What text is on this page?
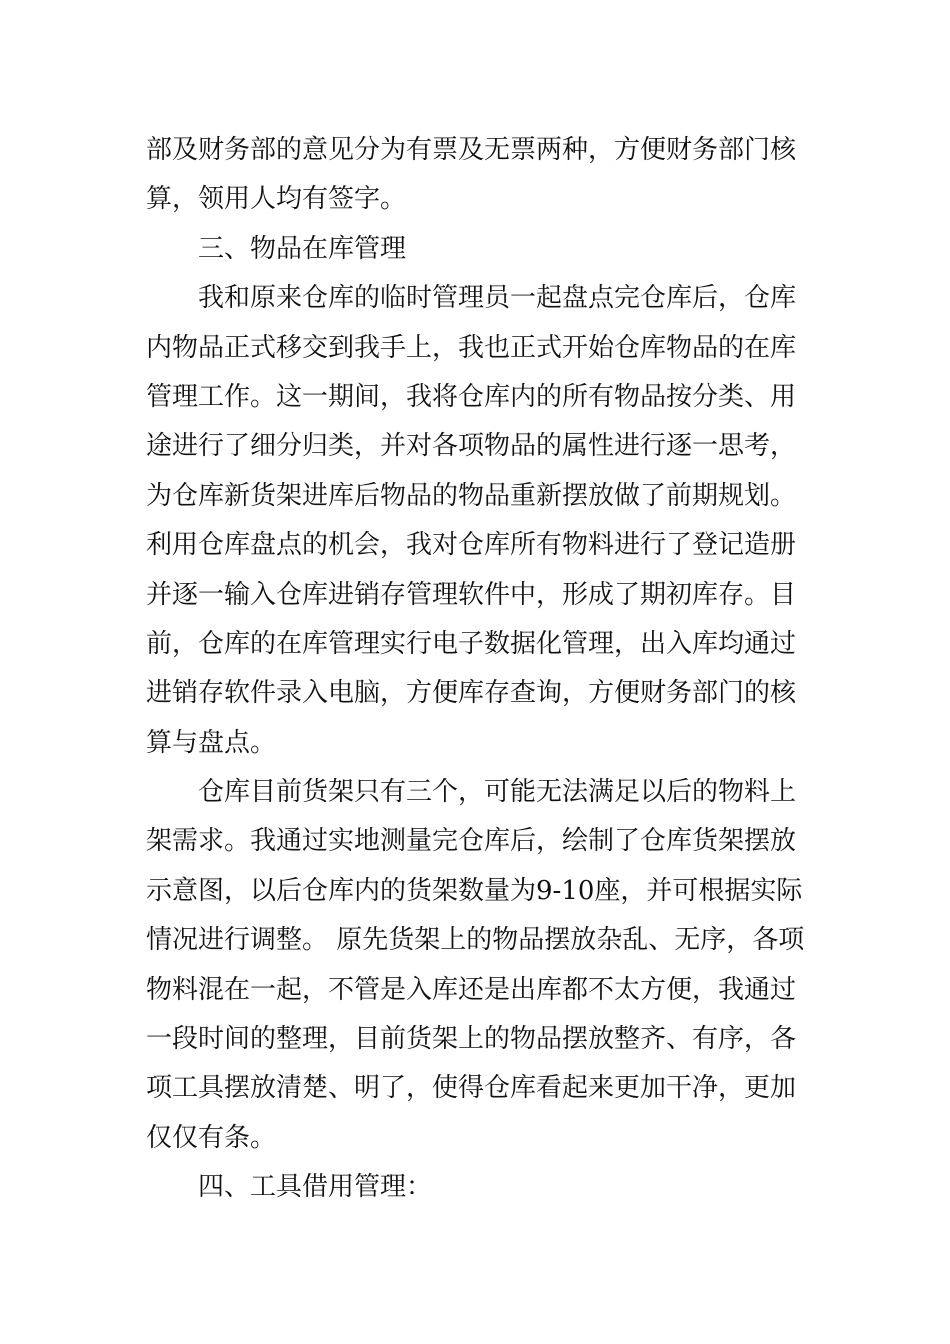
部及财务部的意见分为有票及无票两种，方便财务部门核
算，领用人均有签字。
三、物品在库管理
我和原来仓库的临时管理员一起盘点完仓库后，仓库
内物品正式移交到我手上，我也正式开始仓库物品的在库
管理工作。这一期间，我将仓库内的所有物品按分类、用
途进行了细分归类，并对各项物品的属性进行逐一思考，
为仓库新货架进库后物品的物品重新摆放做了前期规划。
利用仓库盘点的机会，我对仓库所有物料进行了登记造册
并逐一输入仓库进销存管理软件中，形成了期初库存。目
前，仓库的在库管理实行电子数据化管理，出入库均通过
进销存软件录入电脑，方便库存查询，方便财务部门的核
算与盘点。
仓库目前货架只有三个，可能无法满足以后的物料上
架需求。我通过实地测量完仓库后，绘制了仓库货架摆放
示意图，以后仓库内的货架数量为9-10座，并可根据实际
情况进行调整。 原先货架上的物品摆放杂乱、无序，各项
物料混在一起，不管是入库还是出库都不太方便，我通过
一段时间的整理，目前货架上的物品摆放整齐、有序，各
项工具摆放清楚、明了，使得仓库看起来更加干净，更加
仅仅有条。
四、工具借用管理：
